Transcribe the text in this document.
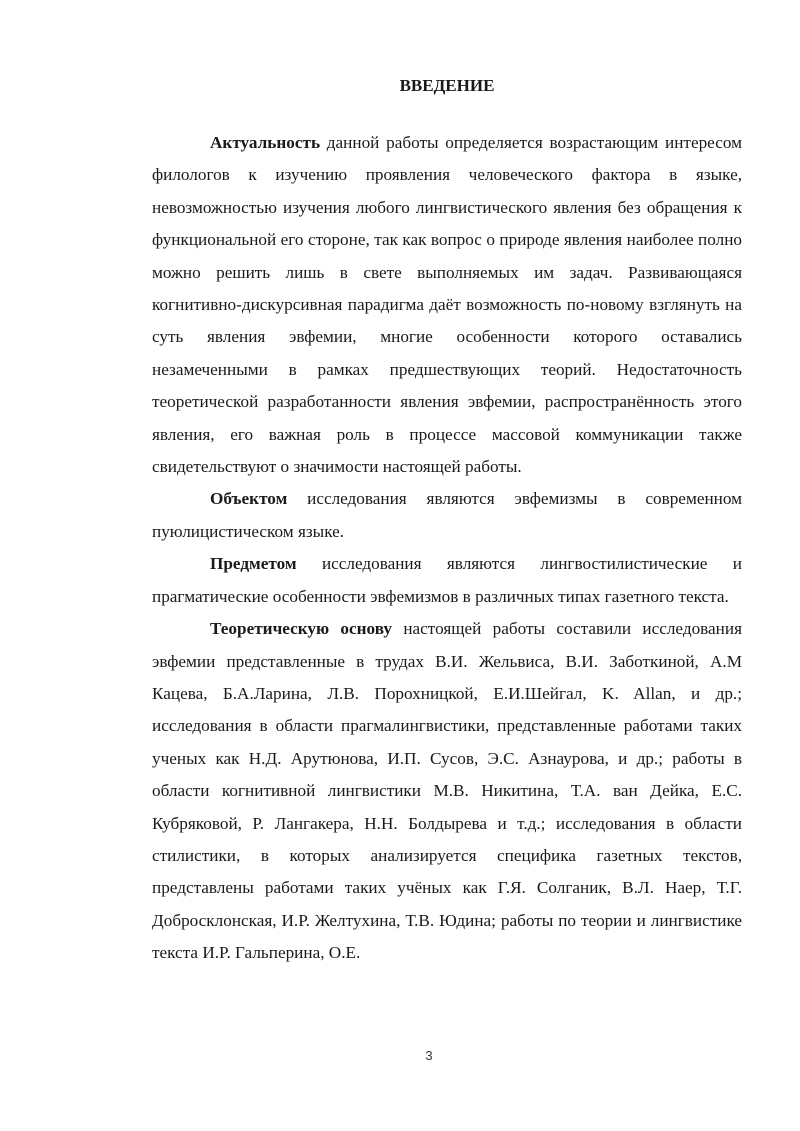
ВВЕДЕНИЕ

Актуальность данной работы определяется возрастающим интересом филологов к изучению проявления человеческого фактора в языке, невозможностью изучения любого лингвистического явления без обращения к функциональной его стороне, так как вопрос о природе явления наиболее полно можно решить лишь в свете выполняемых им задач. Развивающаяся когнитивно-дискурсивная парадигма даёт возможность по-новому взглянуть на суть явления эвфемии, многие особенности которого оставались незамеченными в рамках предшествующих теорий. Недостаточность теоретической разработанности явления эвфемии, распространённость этого явления, его важная роль в процессе массовой коммуникации также свидетельствуют о значимости настоящей работы.

Объектом исследования являются эвфемизмы в современном пуюлицистическом языке.

Предметом исследования являются лингвостилистические и прагматические особенности эвфемизмов в различных типах газетного текста.

Теоретическую основу настоящей работы составили исследования эвфемии представленные в трудах В.И. Жельвиса, В.И. Заботкиной, А.М Кацева, Б.А.Ларина, Л.В. Порохницкой, Е.И.Шейгал, K. Allan, и др.; исследования в области прагмалингвистики, представленные работами таких ученых как Н.Д. Арутюнова, И.П. Сусов, Э.С. Азнаурова, и др.; работы в области когнитивной лингвистики М.В. Никитина, Т.А. ван Дейка, Е.С. Кубряковой, Р. Лангакера, Н.Н. Болдырева и т.д.; исследования в области стилистики, в которых анализируется специфика газетных текстов, представлены работами таких учёных как Г.Я. Солганик, В.Л. Наер, Т.Г. Добросклонская, И.Р. Желтухина, Т.В. Юдина; работы по теории и лингвистике текста И.Р. Гальперина, О.Е.

3
